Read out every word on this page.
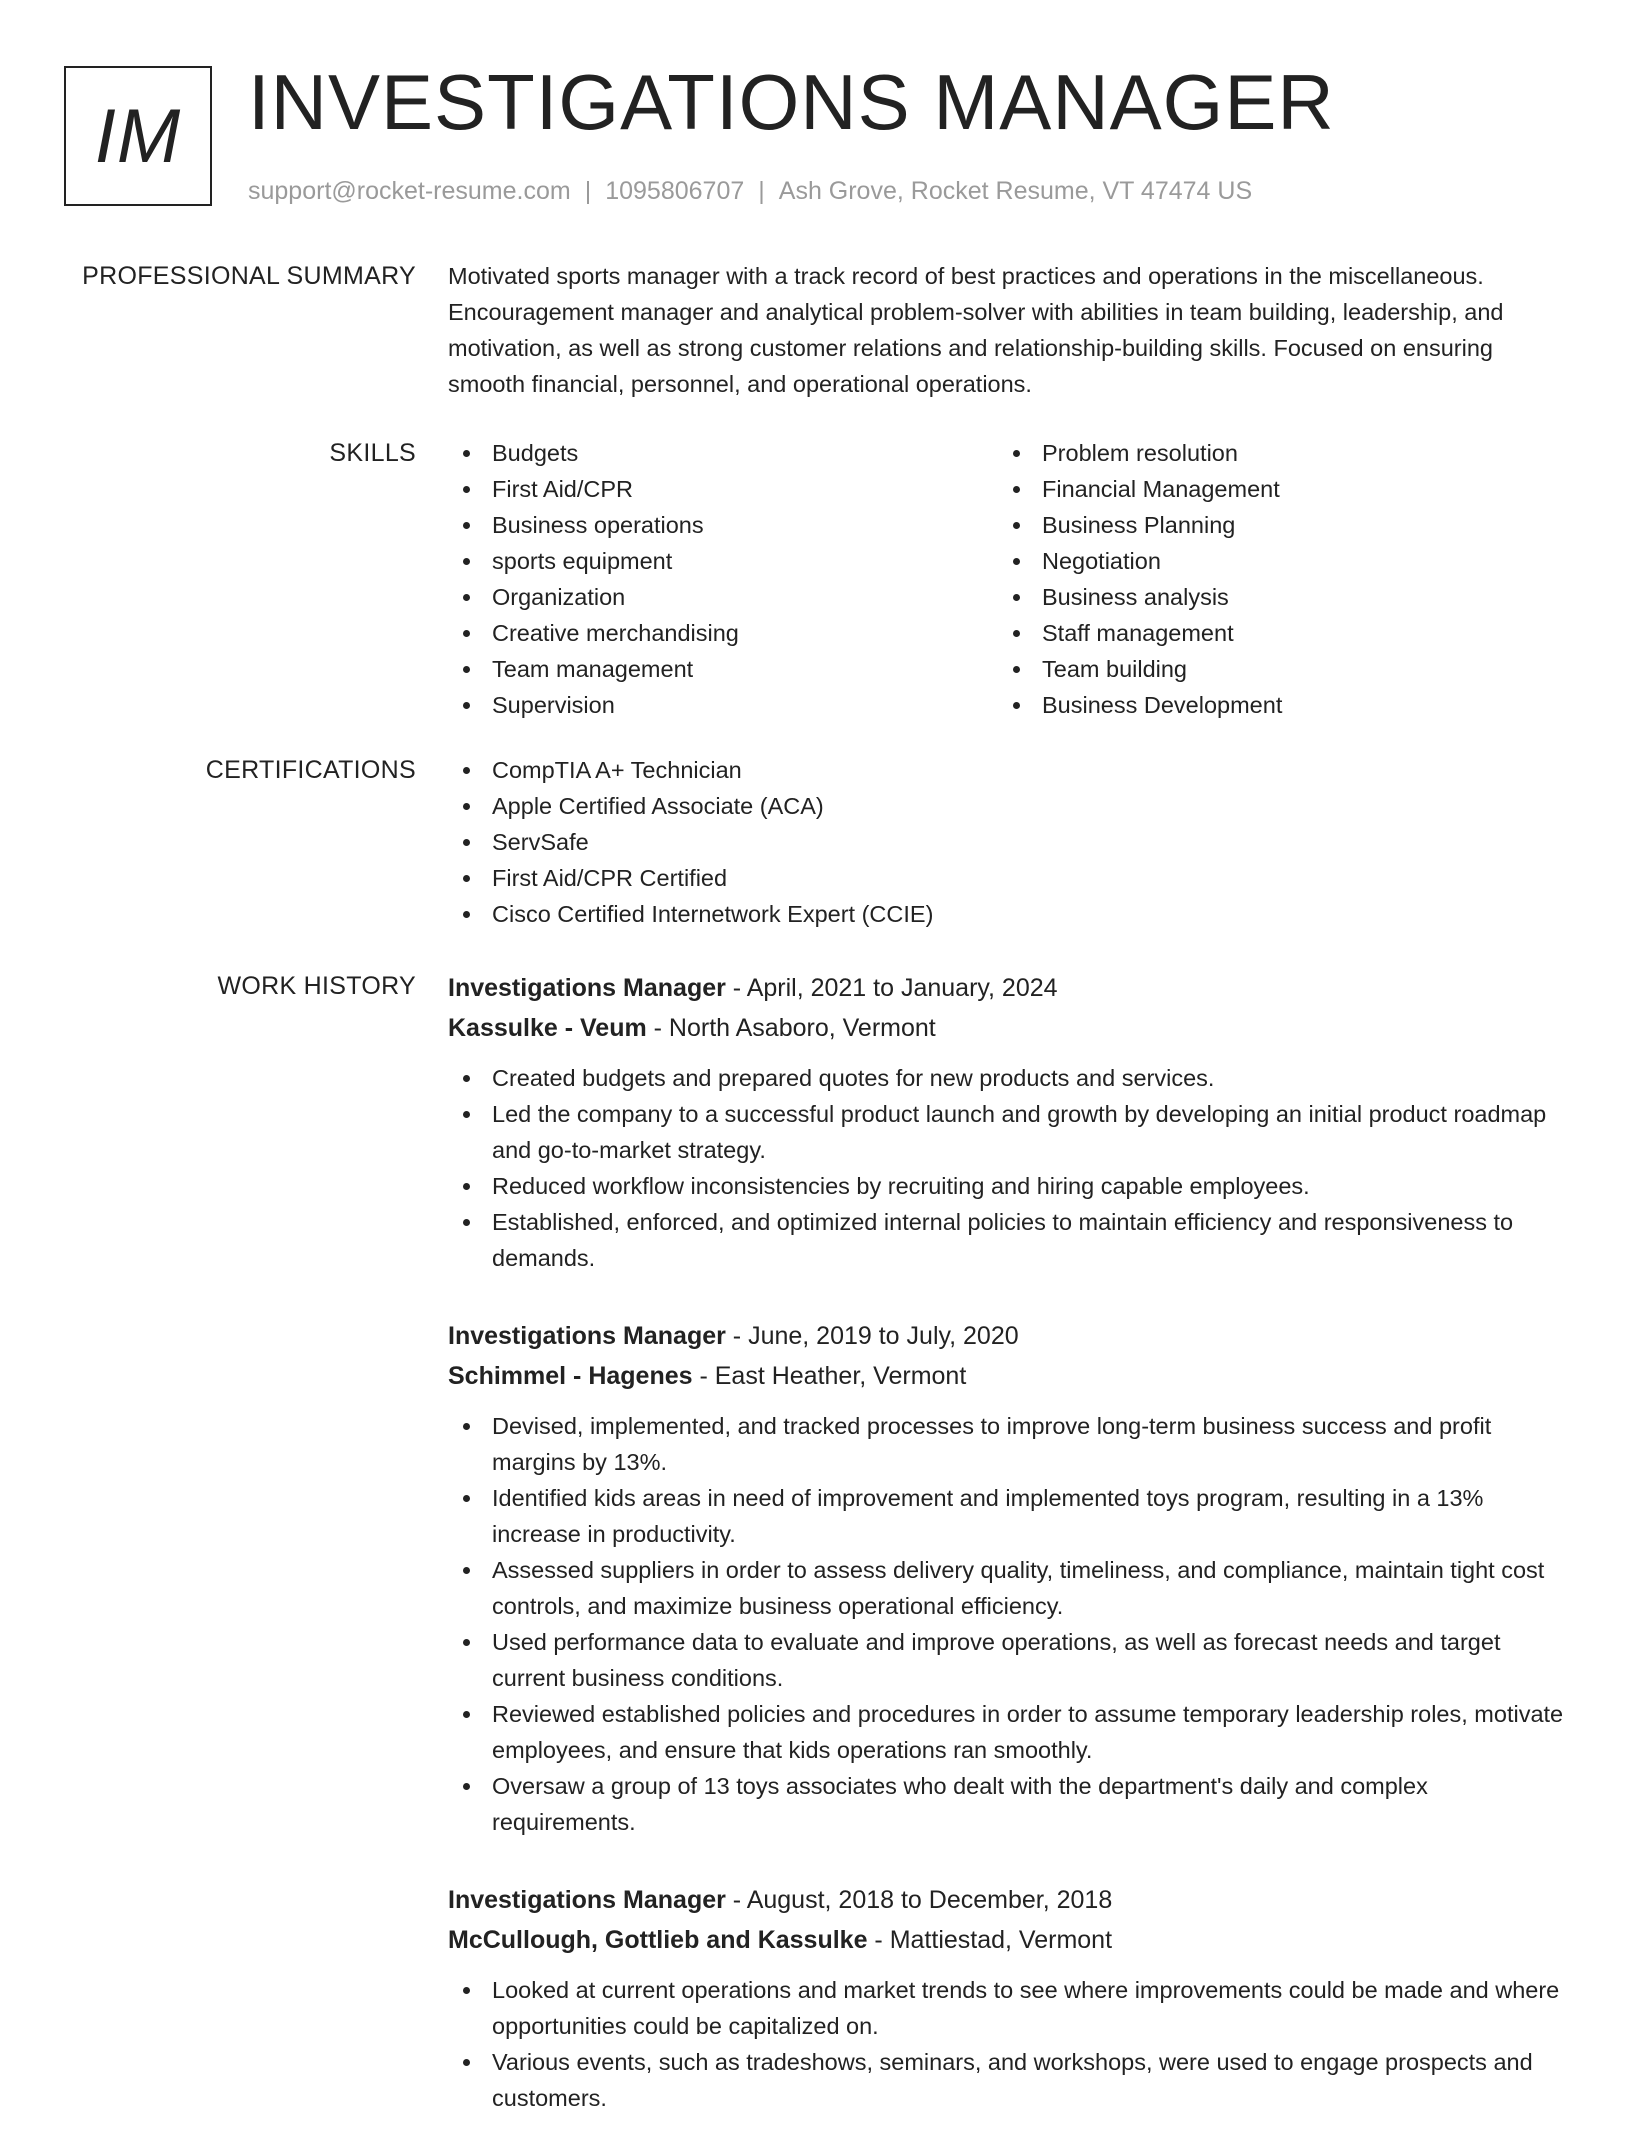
IM INVESTIGATIONS MANAGER
support@rocket-resume.com | 1095806707 | Ash Grove, Rocket Resume, VT 47474 US
PROFESSIONAL SUMMARY Motivated sports manager with a track record of best practices and operations in the miscellaneous. Encouragement manager and analytical problem-solver with abilities in team building, leadership, and motivation, as well as strong customer relations and relationship-building skills. Focused on ensuring smooth financial, personnel, and operational operations.

SKILLS	Budgets
First Aid/CPR
Business operations
sports equipment
Organization
Creative merchandising
Team management
Supervision
Problem resolution
Financial Management
Business Planning
Negotiation
Business analysis
Staff management
Team building
Business Development
CERTIFICATIONS	CompTIA A+ Technician
Apple Certified Associate (ACA)
ServSafe
First Aid/CPR Certified
Cisco Certified Internetwork Expert (CCIE)
WORK HISTORY Investigations Manager - April, 2021 to January, 2024
Kassulke - Veum - North Asaboro, Vermont
Created budgets and prepared quotes for new products and services.
Led the company to a successful product launch and growth by developing an initial product roadmap and go-to-market strategy.
Reduced workflow inconsistencies by recruiting and hiring capable employees.
Established, enforced, and optimized internal policies to maintain efficiency and responsiveness to demands.
Investigations Manager - June, 2019 to July, 2020
Schimmel - Hagenes - East Heather, Vermont
Devised, implemented, and tracked processes to improve long-term business success and profit margins by 13%.
Identified kids areas in need of improvement and implemented toys program, resulting in a 13% increase in productivity.
Assessed suppliers in order to assess delivery quality, timeliness, and compliance, maintain tight cost controls, and maximize business operational efficiency.
Used performance data to evaluate and improve operations, as well as forecast needs and target current business conditions.
Reviewed established policies and procedures in order to assume temporary leadership roles, motivate employees, and ensure that kids operations ran smoothly.
Oversaw a group of 13 toys associates who dealt with the department's daily and complex requirements.
Investigations Manager - August, 2018 to December, 2018
McCullough, Gottlieb and Kassulke - Mattiestad, Vermont
Looked at current operations and market trends to see where improvements could be made and where opportunities could be capitalized on.
Various events, such as tradeshows, seminars, and workshops, were used to engage prospects and customers.
